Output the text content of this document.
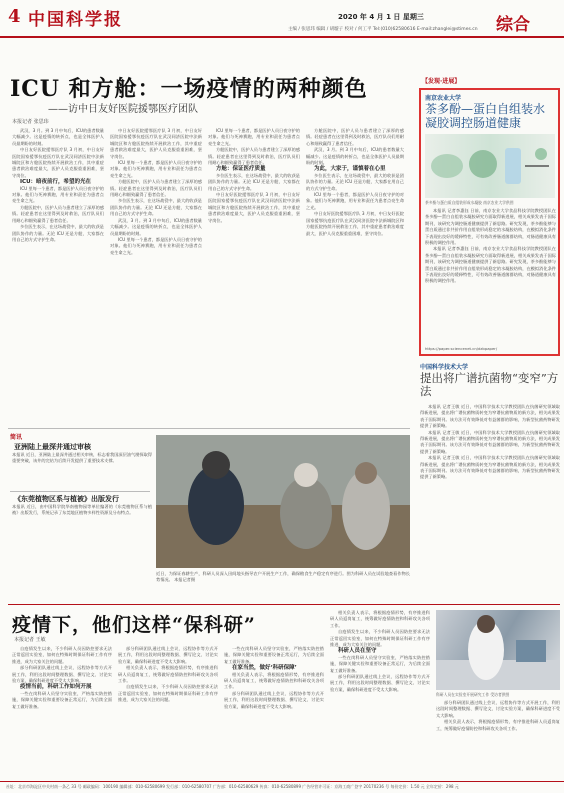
4 中国科学报	2020 年 4 月 1 日 星期三
主编 / 张思玮 编辑 / 胡璇子 校对 / 何工平 Tel:(010)62580616 E-mail:zhanglei@stimes.cn 综合
ICU 和方舱：一场疫情的两种颜色
——访中日友好医院援鄂医疗团队
本报记者 张思玮

武汉，3 月。到 3 月中旬后，ICU的患者数量大幅减少。这是疫情的转折点，也是全体医护人员最期盼的时刻。

中日友好医院援鄂医疗队 3 月初，中日友好医院国家援鄂抗疫医疗队在武汉同济医院中法新城院区和方舱医院持续开展救治工作，其中重症患者救治难度最大，医护人员克服重重困难，坚守岗位。

ICU：暗夜前行，希望的光在

ICU 里每一个患者，都是医护人员日夜守护的对象。他们与死神赛跑，用专业和责任为患者点亮生命之光。

方舱医院中，医护人员与患者建立了深厚的感情。轻症患者在这里得到及时救治，医疗队员们用耐心和细致赢得了患者信任。

多位医生表示，在这场战役中，最大的收获是团队协作的力量。无论 ICU 还是方舱，大家都在用自己的方式守护生命。

中日友好医院援鄂医疗队 3 月初，中日友好医院国家援鄂抗疫医疗队在武汉同济医院中法新城院区和方舱医院持续开展救治工作，其中重症患者救治难度最大，医护人员克服重重困难，坚守岗位。

ICU 里每一个患者，都是医护人员日夜守护的对象。他们与死神赛跑，用专业和责任为患者点亮生命之光。

方舱医院中，医护人员与患者建立了深厚的感情。轻症患者在这里得到及时救治，医疗队员们用耐心和细致赢得了患者信任。

多位医生表示，在这场战役中，最大的收获是团队协作的力量。无论 ICU 还是方舱，大家都在用自己的方式守护生命。

武汉，3 月。到 3 月中旬后，ICU的患者数量大幅减少。这是疫情的转折点，也是全体医护人员最期盼的时刻。

ICU 里每一个患者，都是医护人员日夜守护的对象。他们与死神赛跑，用专业和责任为患者点亮生命之光。

ICU 里每一个患者，都是医护人员日夜守护的对象。他们与死神赛跑，用专业和责任为患者点亮生命之光。

方舱医院中，医护人员与患者建立了深厚的感情。轻症患者在这里得到及时救治，医疗队员们用耐心和细致赢得了患者信任。

方舱：保证医疗质量

多位医生表示，在这场战役中，最大的收获是团队协作的力量。无论 ICU 还是方舱，大家都在用自己的方式守护生命。

中日友好医院援鄂医疗队 3 月初，中日友好医院国家援鄂抗疫医疗队在武汉同济医院中法新城院区和方舱医院持续开展救治工作，其中重症患者救治难度最大，医护人员克服重重困难，坚守岗位。

方舱医院中，医护人员与患者建立了深厚的感情。轻症患者在这里得到及时救治，医疗队员们用耐心和细致赢得了患者信任。

武汉，3 月。到 3 月中旬后，ICU的患者数量大幅减少。这是疫情的转折点，也是全体医护人员最期盼的时刻。

为此，大家于，谨慎着在心里

多位医生表示，在这场战役中，最大的收获是团队协作的力量。无论 ICU 还是方舱，大家都在用自己的方式守护生命。

ICU 里每一个患者，都是医护人员日夜守护的对象。他们与死神赛跑，用专业和责任为患者点亮生命之光。

中日友好医院援鄂医疗队 3 月初，中日友好医院国家援鄂抗疫医疗队在武汉同济医院中法新城院区和方舱医院持续开展救治工作，其中重症患者救治难度最大，医护人员克服重重困难，坚守岗位。

简讯
亚洲陆上最深井通过审核
本报讯 近日，亚洲陆上最深井通过相关审核，标志着我国深层油气勘探取得重要突破，该井的完钻为后续开发提供了重要技术支撑。
《东莞植物区系与植被》出版发行
本报讯 近日，由中国科学院华南植物园等单位编著的《东莞植物区系与植被》出版发行，系统记录了东莞地区植物多样性资源及分布特点。
近日，为保证春耕生产，科研人员深入田间地头指导农户开展生产工作，确保粮食生产稳定有序进行。图为科研人员在试验地查看作物长势情况。 本报记者摄
【发现·进展】
南京农业大学
茶多酚—蛋白自组装水凝胶调控肠道健康
茶多酚与蛋白质自组装形成水凝胶 南京农业大学供图

本报讯 记者李惠钰 日前，南京农业大学食品科技学院教授团队在茶多酚—蛋白自组装水凝胶研究方面取得新进展，相关成果发表于国际期刊，该研究为调控肠道健康提供了新思路。研究发现，茶多酚能够与蛋白质通过非共价作用自组装形成稳定的水凝胶结构，在模拟消化条件下表现出良好的缓释特性，可有效改善肠道菌群结构，对肠道健康具有积极的调控作用。

本报讯 记者李惠钰 日前，南京农业大学食品科技学院教授团队在茶多酚—蛋白自组装水凝胶研究方面取得新进展，相关成果发表于国际期刊，该研究为调控肠道健康提供了新思路。研究发现，茶多酚能够与蛋白质通过非共价作用自组装形成稳定的水凝胶结构，在模拟消化条件下表现出良好的缓释特性，可有效改善肠道菌群结构，对肠道健康具有积极的调控作用。

https://paper.sciencenet.cn/dzbpaper/
中国科学技术大学
提出将广谱抗菌物“变窄”方法

本报讯 记者王敏 近日，中国科学技术大学教授团队在抗菌研究领域取得新进展，提出将广谱抗菌物质转变为窄谱抗菌物质的新方法，相关成果发表于国际期刊。该方法可有效降低对有益菌群的影响，为新型抗菌药物研发提供了新策略。

本报讯 记者王敏 近日，中国科学技术大学教授团队在抗菌研究领域取得新进展，提出将广谱抗菌物质转变为窄谱抗菌物质的新方法，相关成果发表于国际期刊。该方法可有效降低对有益菌群的影响，为新型抗菌药物研发提供了新策略。

本报讯 记者王敏 近日，中国科学技术大学教授团队在抗菌研究领域取得新进展，提出将广谱抗菌物质转变为窄谱抗菌物质的新方法，相关成果发表于国际期刊。该方法可有效降低对有益菌群的影响，为新型抗菌药物研发提供了新策略。

疫情下，他们这样“保科研”
本报记者 王敏

自疫情发生以来，不少科研人员因防控要求无法正常返回实验室，如何在特殊时期保证科研工作有序推进，成为大家关注的问题。

部分科研团队通过线上会议、远程协作等方式开展工作，利用这段时间整理数据、撰写论文、讨论实验方案，确保科研进度不受太大影响。

疫情当前，科研工作如何开展

一些在岗科研人员坚守实验室，严格落实防控措施，保障关键实验和重要设备正常运行，为后续全面复工做好准备。

部分科研团队通过线上会议、远程协作等方式开展工作，利用这段时间整理数据、撰写论文、讨论实验方案，确保科研进度不受太大影响。

相关负责人表示，将根据疫情形势，有序推进科研人员返岗复工，统筹做好疫情防控和科研攻关各项工作。

自疫情发生以来，不少科研人员因防控要求无法正常返回实验室，如何在特殊时期保证科研工作有序推进，成为大家关注的问题。

一些在岗科研人员坚守实验室，严格落实防控措施，保障关键实验和重要设备正常运行，为后续全面复工做好准备。

在家当然，做好‘科研保障’

相关负责人表示，将根据疫情形势，有序推进科研人员返岗复工，统筹做好疫情防控和科研攻关各项工作。

部分科研团队通过线上会议、远程协作等方式开展工作，利用这段时间整理数据、撰写论文、讨论实验方案，确保科研进度不受太大影响。

相关负责人表示，将根据疫情形势，有序推进科研人员返岗复工，统筹做好疫情防控和科研攻关各项工作。

自疫情发生以来，不少科研人员因防控要求无法正常返回实验室，如何在特殊时期保证科研工作有序推进，成为大家关注的问题。

科研人员在坚守

一些在岗科研人员坚守实验室，严格落实防控措施，保障关键实验和重要设备正常运行，为后续全面复工做好准备。

部分科研团队通过线上会议、远程协作等方式开展工作，利用这段时间整理数据、撰写论文、讨论实验方案，确保科研进度不受太大影响。

科研人员在实验室开展研究工作 受访者供图

部分科研团队通过线上会议、远程协作等方式开展工作，利用这段时间整理数据、撰写论文、讨论实验方案，确保科研进度不受太大影响。

相关负责人表示，将根据疫情形势，有序推进科研人员返岗复工，统筹做好疫情防控和科研攻关各项工作。

社址：北京市海淀区中关村南一条乙 33 号 邮政编码：100190 编辑部：010-62580699 发行部：010-62580707 广告部：010-62580629 传真：010-62580899 广告经营许可证：京海工商广登字 20170236 号 每份定价：1.50 元 全年定价：298 元
